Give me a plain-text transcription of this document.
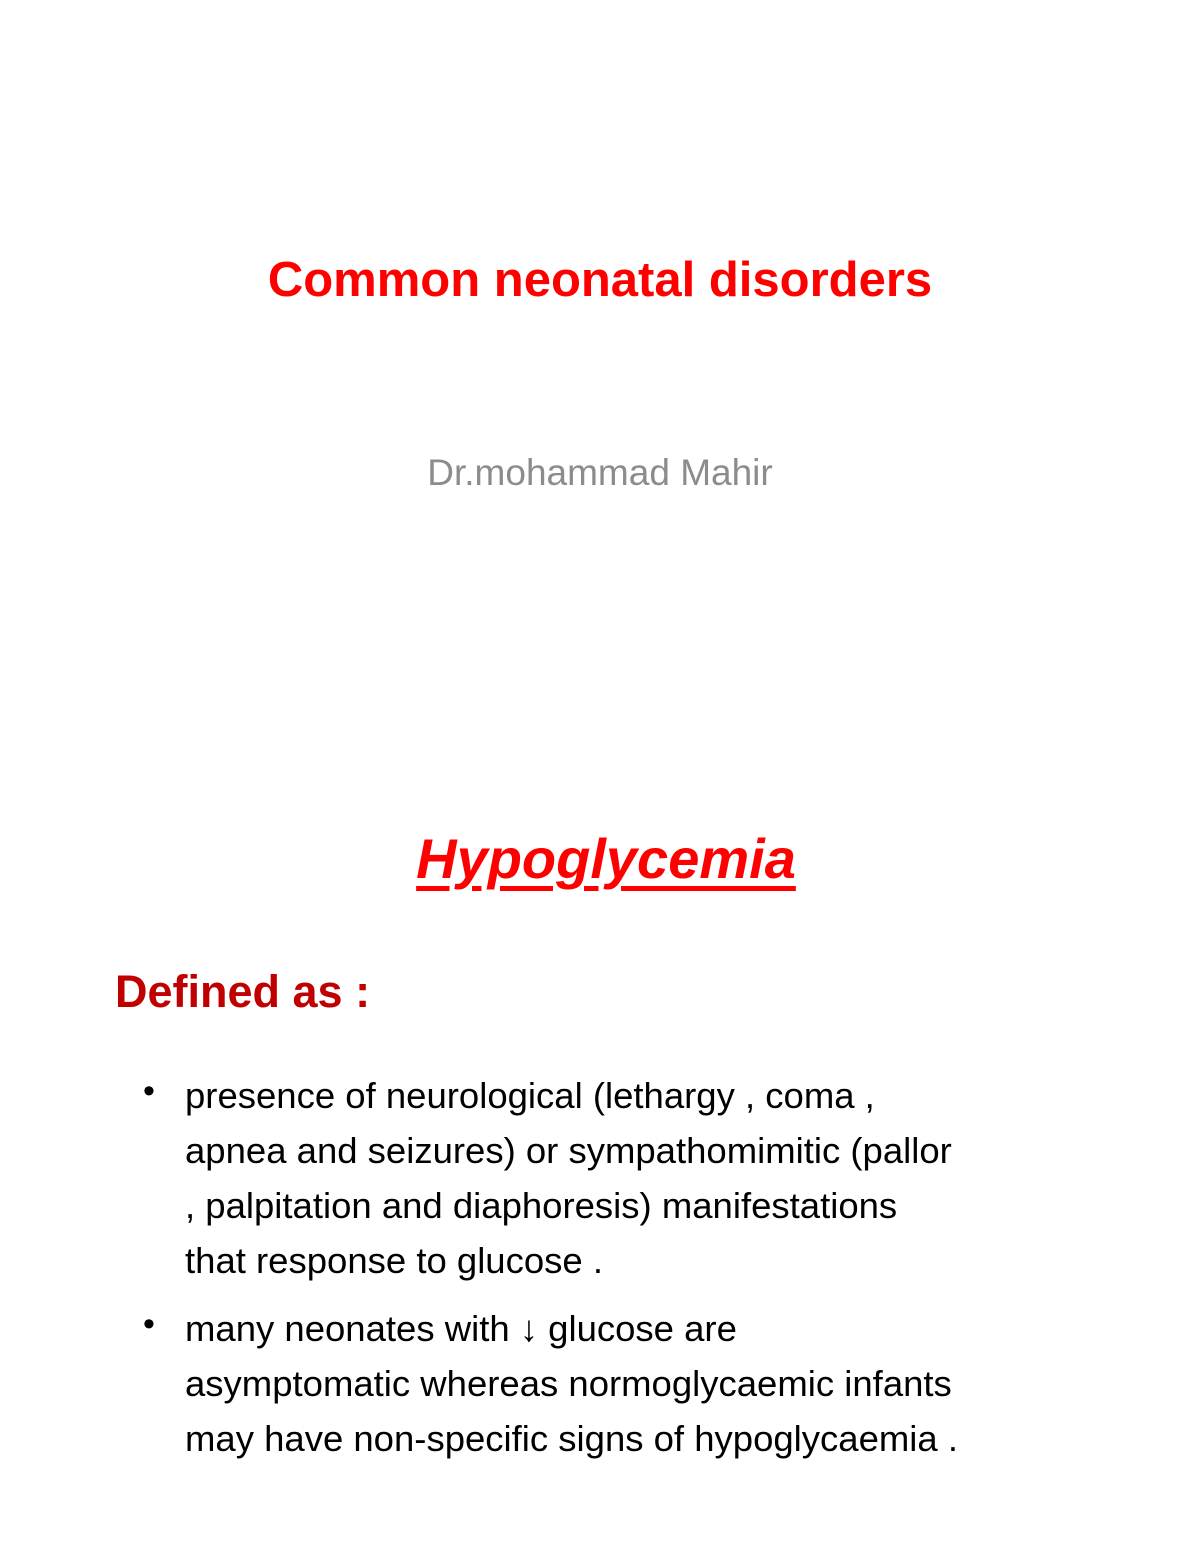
Common neonatal disorders
Dr.mohammad Mahir
Hypoglycemia
Defined as :
• presence of neurological (lethargy , coma ,
apnea and seizures) or sympathomimitic (pallor
, palpitation and diaphoresis) manifestations
that response to glucose .
• many neonates with ↓ glucose are
asymptomatic whereas normoglycaemic infants
may have non-specific signs of hypoglycaemia .
